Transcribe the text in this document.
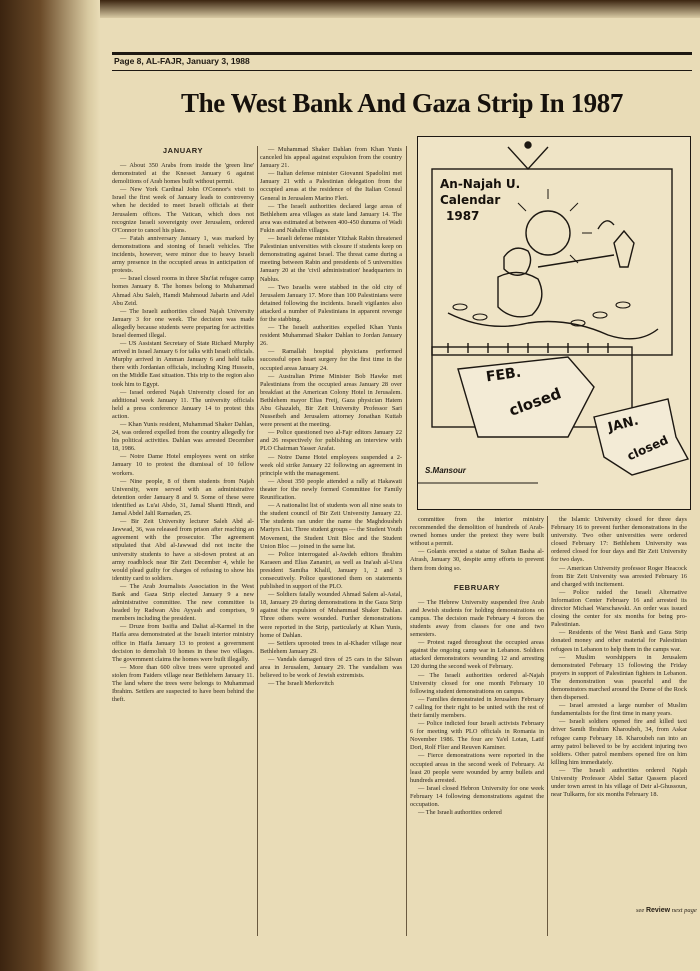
Page 8, AL-FAJR, January 3, 1988
The West Bank And Gaza Strip In 1987
JANUARY

— About 350 Arabs from inside the 'green line' demonstrated at the Knesset January 6 against demolitions of Arab homes built without permit.

— New York Cardinal John O'Connor's visit to Israel the first week of January leads to controversy when he decided to meet Israeli officials at their Jerusalem offices. The Vatican, which does not recognize Israeli sovereignty over Jerusalem, ordered O'Connor to cancel his plans.

— Fatah anniversary January 1, was marked by demonstrations and stoning of Israeli vehicles. The incidents, however, were minor due to heavy Israeli army presence in the occupied areas in anticipation of protests.

— Israel closed rooms in three Shu'fat refugee camp homes January 8. The homes belong to Muhammad Ahmad Abu Saleh, Hamdi Mahmoud Jabarin and Adel Abu Zeid.

— The Israeli authorities closed Najah University January 3 for one week. The decision was made allegedly because students were preparing for activities Israel deemed illegal.

— US Assistant Secretary of State Richard Murphy arrived in Israel January 6 for talks with Israeli officials. Murphy arrived in Amman January 6 and held talks there with Jordanian officials, including King Hussein, on the Middle East situation. This trip to the region also took him to Egypt.

— Israel ordered Najah University closed for an additional week January 11. The university officials held a press conference January 14 to protest this action.

— Khan Yunis resident, Muhammad Shaker Dahlan, 24, was ordered expelled from the country allegedly for his political activities. Dahlan was arrested December 18, 1986.

— Notre Dame Hotel employees went on strike January 10 to protest the dismissal of 10 fellow workers.

— Nine people, 8 of them students from Najah University, were served with an administrative detention order January 8 and 9. Some of these were identified as Lu'ai Abdo, 31, Jamal Shanti Hindi, and Jamal Abdel Jalil Ramadan, 25.

— Bir Zeit University lecturer Saleh Abd al-Jawwad, 36, was released from prison after reaching an agreement with the prosecutor. The agreement stipulated that Abd al-Jawwad did not incite the university students to have a sit-down protest at an army roadblock near Bir Zeit December 4, while he would plead guilty for charges of refusing to show his identity card to soldiers.

— The Arab Journalists Association in the West Bank and Gaza Strip elected January 9 a new administrative committee. The new committee is headed by Radwan Abu Ayyash and comprises, 9 members including the president.

— Druze from Issifia and Daliat al-Karmel in the Haifa area demonstrated at the Israeli interior ministry office in Haifa January 13 to protest a government decision to demolish 10 homes in these two villages. The government claims the homes were built illegally.

— More than 600 olive trees were uprooted and stolen from Faiders village near Bethlehem January 11. The land where the trees were belongs to Muhammad Ibrahim. Settlers are suspected to have been behind the theft.

— Muhammad Shaker Dahlan from Khan Yunis canceled his appeal against expulsion from the country January 21.

— Italian defense minister Giovanni Spadolini met January 21 with a Palestinian delegation from the occupied areas at the residence of the Italian Consul General in Jerusalem Marino Fleri.

— The Israeli authorities declared large areas of Bethlehem area villages as state land January 14. The area was estimated at between 400-450 dunums of Wadi Fukin and Nahalin villages.

— Israeli defense minister Yitzhak Rabin threatened Palestinian universities with closure if students keep on demonstrating against Israel. The threat came during a meeting between Rabin and presidents of 5 universities January 20 at the 'civil administration' headquarters in Nablus.

— Two Israelis were stabbed in the old city of Jerusalem January 17. More than 100 Palestinians were detained following the incidents. Israeli vigilantes also attacked a number of Palestinians in apparent revenge for the stabbing.

— The Israeli authorities expelled Khan Yunis resident Muhammad Shaker Dahlan to Jordan January 26.

— Ramallah hospital physicians performed successful open heart surgery for the first time in the occupied areas January 24.

— Australian Prime Minister Bob Hawke met Palestinians from the occupied areas January 28 over breakfast at the American Colony Hotel in Jerusalem. Bethlehem mayor Elias Freij, Gaza physician Hatem Abu Ghazaleh, Bir Zeit University Professor Sari Nusseibeh and Jerusalem attorney Jonathan Kuttab were present at the meeting.

— Police questioned two al-Fajr editors January 22 and 26 respectively for publishing an interview with PLO Chairman Yasser Arafat.

— Notre Dame Hotel employees suspended a 2-week old strike January 22 following an agreement in principle with the management.

— About 350 people attended a rally at Hakawati theater for the newly formed Committee for Family Reunification.

— A nationalist list of students won all nine seats to the student council of Bir Zeit University January 22. The students ran under the name the Maghdousheh Martyrs List. Three student groups — the Student Youth Movement, the Student Unit Bloc and the Student Union Bloc — joined in the same list.

— Police interrogated al-Awdeh editors Ibrahim Karaeen and Elias Zananiri, as well as Ina'ash al-Usra president Samiha Khalil, January 1, 2 and 3 consecutively. Police questioned them on statements published in support of the PLO.

— Soldiers fatally wounded Ahmad Salem al-Astal, 18, January 29 during demonstrations in the Gaza Strip against the expulsion of Muhammad Shaker Dahlan. Three others were wounded. Further demonstrations were reported in the Strip, particularly at Khan Yunis, home of Dahlan.

— Settlers uprooted trees in al-Khader village near Bethlehem January 29.

— Vandals damaged tires of 25 cars in the Silwan area in Jerusalem, January 29. The vandalism was believed to be work of Jewish extremists.

— The Israeli Merkovitch

An-Najah U.
Calendar
1987
FEB.
closed
JAN.
closed
S.Mansour

committee from the interior ministry recommended the demolition of hundreds of Arab-owned homes under the pretext they were built without a permit.

— Golanis erected a statue of Sultan Basha al-Atrash, January 30, despite army efforts to prevent them from doing so.

FEBRUARY

— The Hebrew University suspended five Arab and Jewish students for holding demonstrations on campus. The decision made February 4 forces the students away from classes for one and two semesters.

— Protest raged throughout the occupied areas against the ongoing camp war in Lebanon. Soldiers attacked demonstrators wounding 12 and arresting 120 during the second week of February.

— The Israeli authorities ordered al-Najah University closed for one month February 10 following student demonstrations on campus.

— Families demonstrated in Jerusalem February 7 calling for their right to be united with the rest of their family members.

— Police indicted four Israeli activists February 6 for meeting with PLO officials in Romania in November 1986. The four are Ya'el Lotan, Latif Dori, Rolf Flier and Reuven Kaminer.

— Fierce demonstrations were reported in the occupied areas in the second week of February. At least 20 people were wounded by army bullets and hundreds arrested.

— Israel closed Hebron University for one week February 14 following demonstrations against the occupation.

— The Israeli authorities ordered

the Islamic University closed for three days February 16 to prevent further demonstrations in the university. Two other universities were ordered closed February 17: Bethlehem University was ordered closed for four days and Bir Zeit University for two days.

— American University professor Roger Heacock from Bir Zeit University was arrested February 16 and charged with incitement.

— Police raided the Israeli Alternative Information Center February 16 and arrested its director Michael Warschawski. An order was issued closing the center for six months for being pro-Palestinian.

— Residents of the West Bank and Gaza Strip donated money and other material for Palestinian refugees in Lebanon to help them in the camps war.

— Muslim worshippers in Jerusalem demonstrated February 13 following the Friday prayers in support of Palestinian fighters in Lebanon. The demonstration was peaceful and the demonstrators marched around the Dome of the Rock then dispersed.

— Israel arrested a large number of Muslim fundamentalists for the first time in many years.

— Israeli soldiers opened fire and killed taxi driver Samih Ibrahim Kharoubeh, 34, from Askar refugee camp February 18. Kharoubeh ran into an army patrol believed to be by accident injuring two soldiers. Other patrol members opened fire on him killing him immediately.

— The Israeli authorities ordered Najah University Professor Abdel Sattar Qassem placed under town arrest in his village of Deir al-Ghussoun, near Tulkarm, for six months February 18.

see Review next page
